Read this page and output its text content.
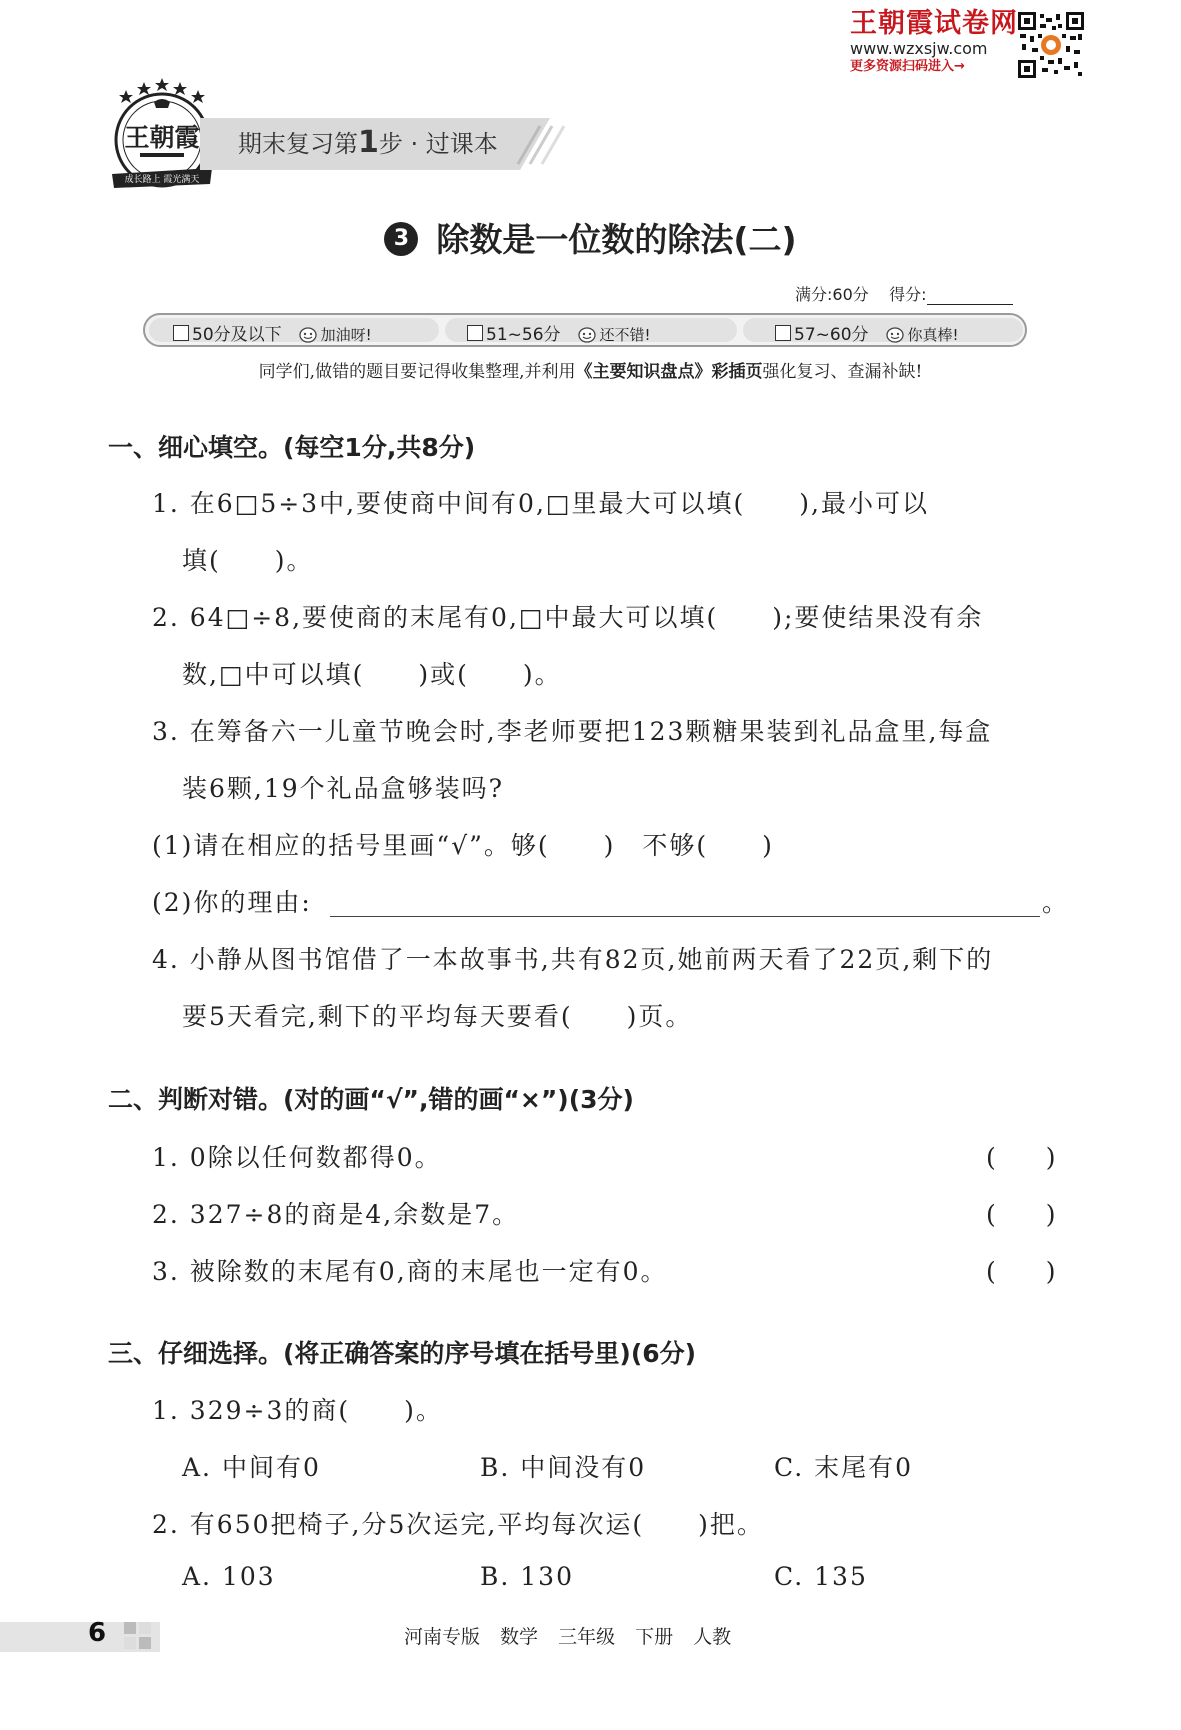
王朝霞试卷网
www.wzxsjw.com
更多资源扫码进入→
王朝霞
成长路上 霞光满天
期末复习第1步 · 过课本
3 除数是一位数的除法(二)
满分:60分 得分:
50分及以下	加油呀!	51~56分	还不错!	57~60分	你真棒!
同学们,做错的题目要记得收集整理,并利用《主要知识盘点》彩插页强化复习、查漏补缺!
一、细心填空。(每空1分,共8分)
1. 在6□5÷3中,要使商中间有0,□里最大可以填(　　),最小可以
填(　　)。
2. 64□÷8,要使商的末尾有0,□中最大可以填(　　);要使结果没有余
数,□中可以填(　　)或(　　)。
3. 在筹备六一儿童节晚会时,李老师要把123颗糖果装到礼品盒里,每盒
装6颗,19个礼品盒够装吗?
(1)请在相应的括号里画“√”。够(　　)　不够(　　)
(2)你的理由:	。
4. 小静从图书馆借了一本故事书,共有82页,她前两天看了22页,剩下的
要5天看完,剩下的平均每天要看(　　)页。
二、判断对错。(对的画“√”,错的画“×”)(3分)
1. 0除以任何数都得0。	(　　)
2. 327÷8的商是4,余数是7。	(　　)
3. 被除数的末尾有0,商的末尾也一定有0。	(　　)
三、仔细选择。(将正确答案的序号填在括号里)(6分)
1. 329÷3的商(　　)。
A. 中间有0	B. 中间没有0	C. 末尾有0
2. 有650把椅子,分5次运完,平均每次运(　　)把。
A. 103	B. 130	C. 135
6	河南专版 数学 三年级 下册 人教
